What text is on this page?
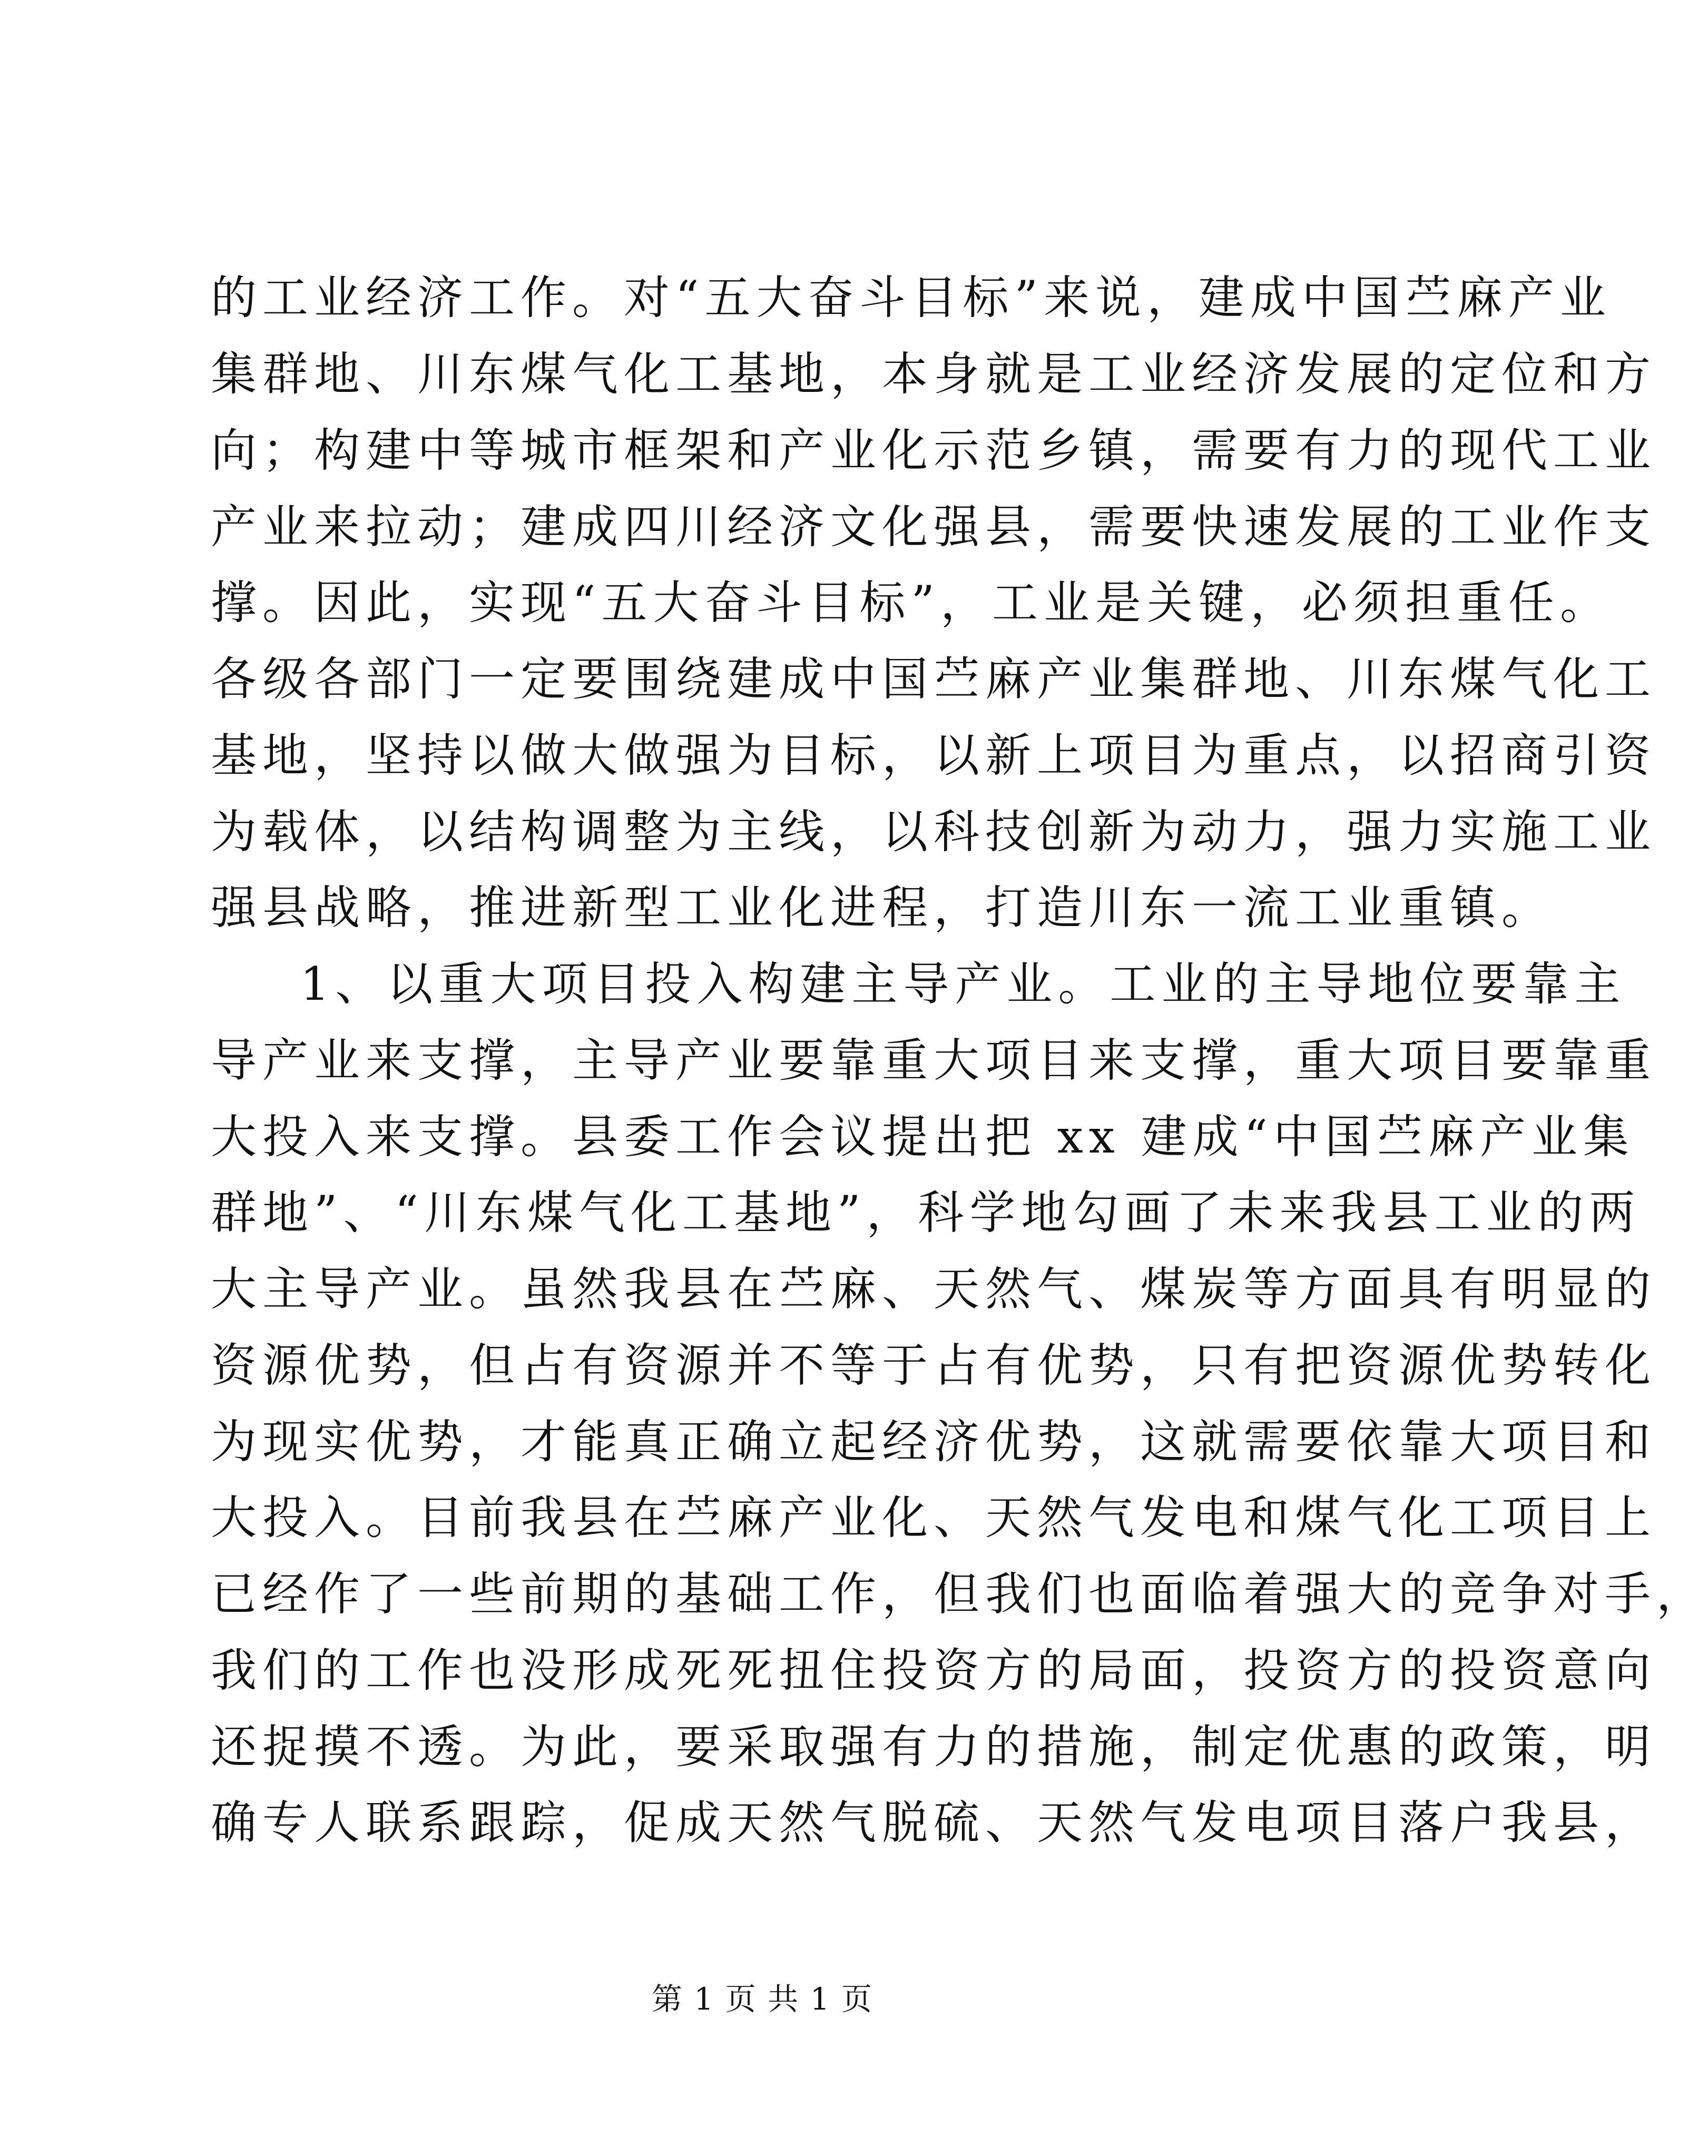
的工业经济工作。对“五大奋斗目标”来说，建成中国苎麻产业
集群地、川东煤气化工基地，本身就是工业经济发展的定位和方
向；构建中等城市框架和产业化示范乡镇，需要有力的现代工业
产业来拉动；建成四川经济文化强县，需要快速发展的工业作支
撑。因此，实现“五大奋斗目标”，工业是关键，必须担重任。
各级各部门一定要围绕建成中国苎麻产业集群地、川东煤气化工
基地，坚持以做大做强为目标，以新上项目为重点，以招商引资
为载体，以结构调整为主线，以科技创新为动力，强力实施工业
强县战略，推进新型工业化进程，打造川东一流工业重镇。
1、以重大项目投入构建主导产业。工业的主导地位要靠主
导产业来支撑，主导产业要靠重大项目来支撑，重大项目要靠重
大投入来支撑。县委工作会议提出把 xx 建成“中国苎麻产业集
群地”、“川东煤气化工基地”，科学地勾画了未来我县工业的两
大主导产业。虽然我县在苎麻、天然气、煤炭等方面具有明显的
资源优势，但占有资源并不等于占有优势，只有把资源优势转化
为现实优势，才能真正确立起经济优势，这就需要依靠大项目和
大投入。目前我县在苎麻产业化、天然气发电和煤气化工项目上
已经作了一些前期的基础工作，但我们也面临着强大的竞争对手，
我们的工作也没形成死死扭住投资方的局面，投资方的投资意向
还捉摸不透。为此，要采取强有力的措施，制定优惠的政策，明
确专人联系跟踪，促成天然气脱硫、天然气发电项目落户我县，
第 1 页 共 1 页
